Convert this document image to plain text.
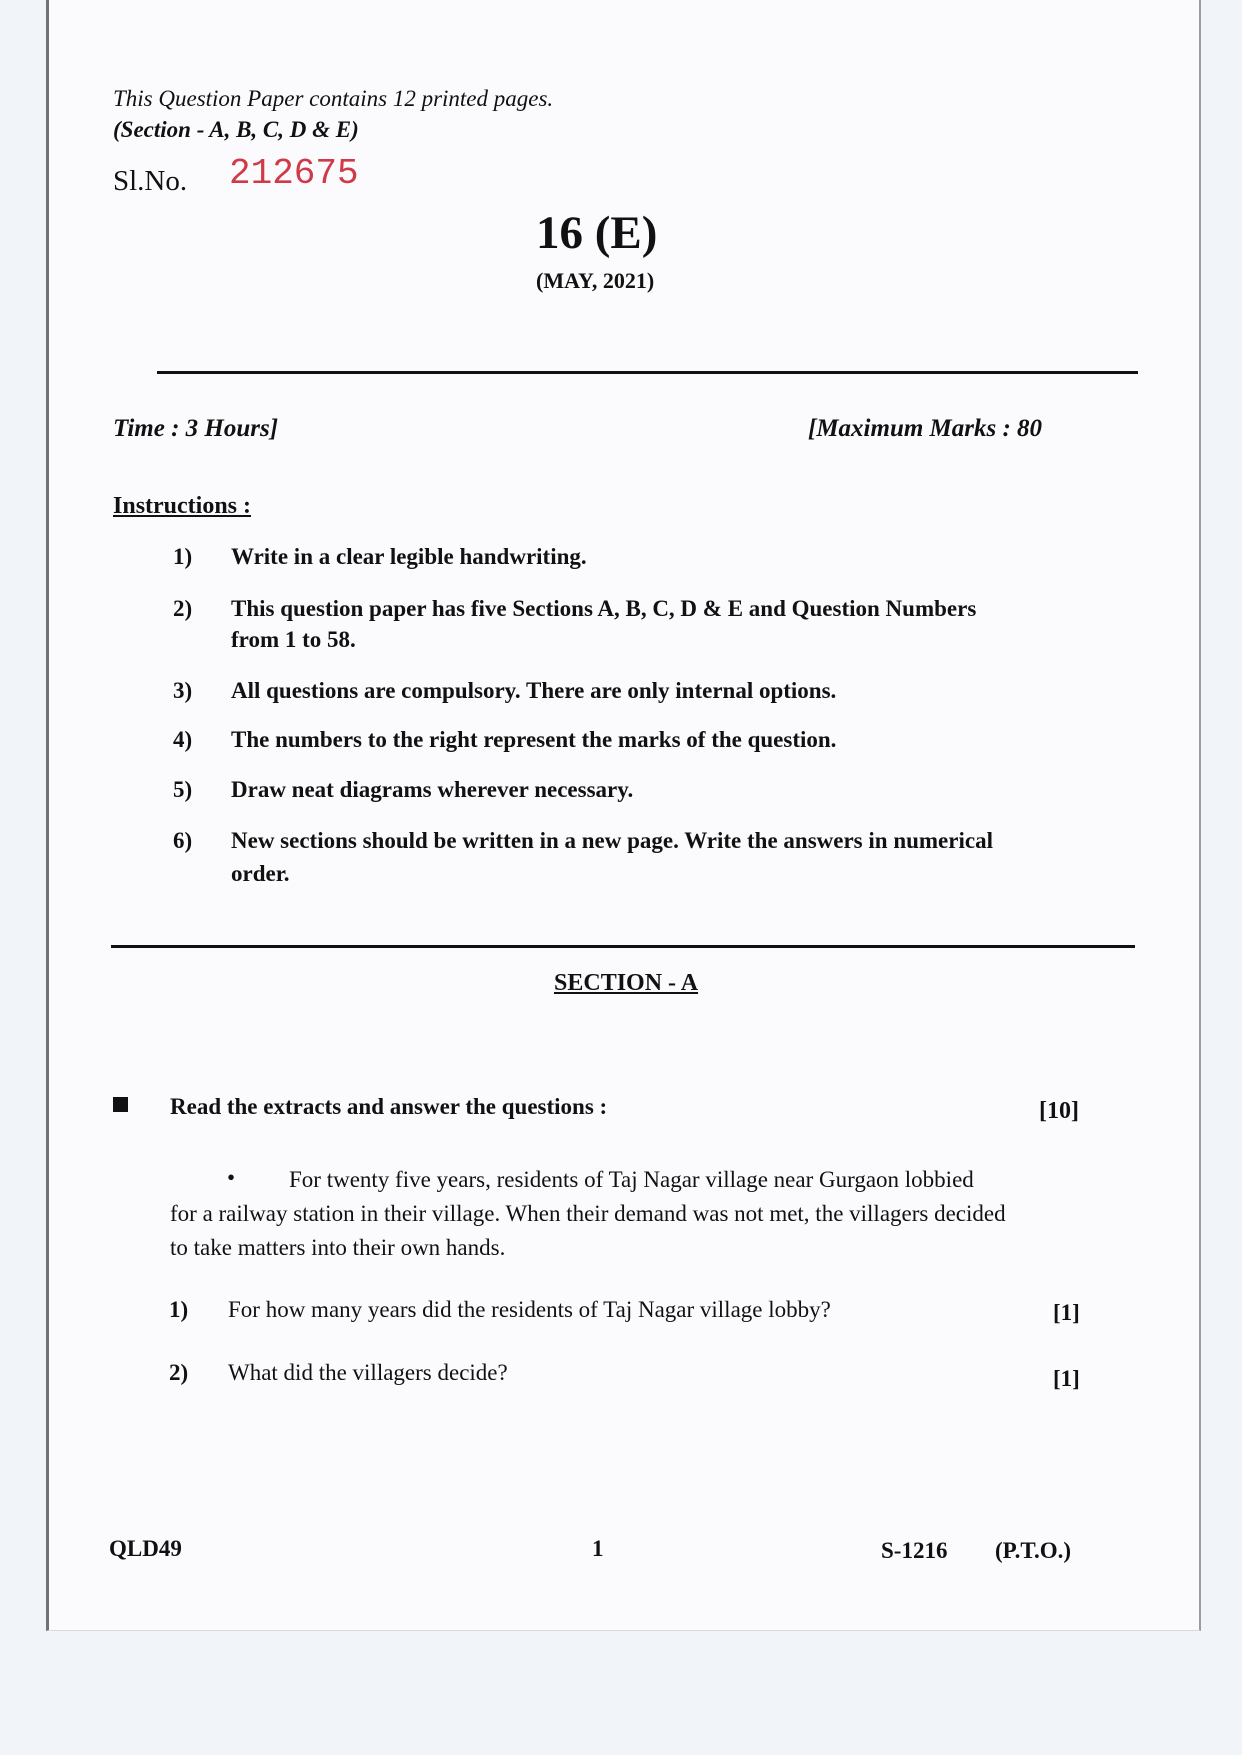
This Question Paper contains 12 printed pages.
(Section - A, B, C, D & E)
Sl.No. 212675
16 (E)
(MAY, 2021)
Time : 3 Hours]	[Maximum Marks : 80
Instructions :
1) Write in a clear legible handwriting.
2) This question paper has five Sections A, B, C, D & E and Question Numbers
from 1 to 58.
3) All questions are compulsory. There are only internal options.
4) The numbers to the right represent the marks of the question.
5) Draw neat diagrams wherever necessary.
6) New sections should be written in a new page. Write the answers in numerical
order.
SECTION - A
Read the extracts and answer the questions :	[10]
• For twenty five years, residents of Taj Nagar village near Gurgaon lobbied
for a railway station in their village. When their demand was not met, the villagers decided
to take matters into their own hands.
1) For how many years did the residents of Taj Nagar village lobby?	[1]
2) What did the villagers decide?	[1]
QLD49	1	S-1216 (P.T.O.)
